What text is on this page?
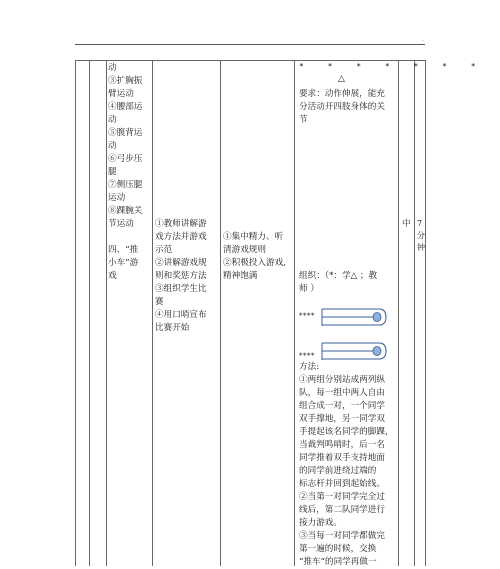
·
动
③扩胸振
臂运动
④腰部运
动
⑤腹背运
动
⑥弓步压
腿
⑦侧压腿
运动
⑧踝腕关
节运动

四、“推
小车”游
戏
①教师讲解游
戏方法并游戏
示范
②讲解游戏规
则和奖惩方法
③组织学生比
赛
④用口哨宣布
比赛开始
①集中精力、听
清游戏规则
②积极投入游戏,
精神饱满
* * * * * * *
△
要求：动作伸展，能充
分活动开四肢身体的关
节
组织：（*：学△ ；教
师 ）
****
****
方法:
①两组分别站成两列纵
队，每一组中两人自由
组合成一对，一个同学
双手撑地，另一同学双
手提起该名同学的脚踝，
当裁判鸣哨时，后一名
同学推着双手支持地面
的同学前进绕过端的
标志杆并回到起始线。
②当第一对同学完全过
线后，第二队同学进行
接力游戏。
③当每一对同学都做完
第一遍的时候，交换
“推车”的同学再做一
中 7
分
钟
